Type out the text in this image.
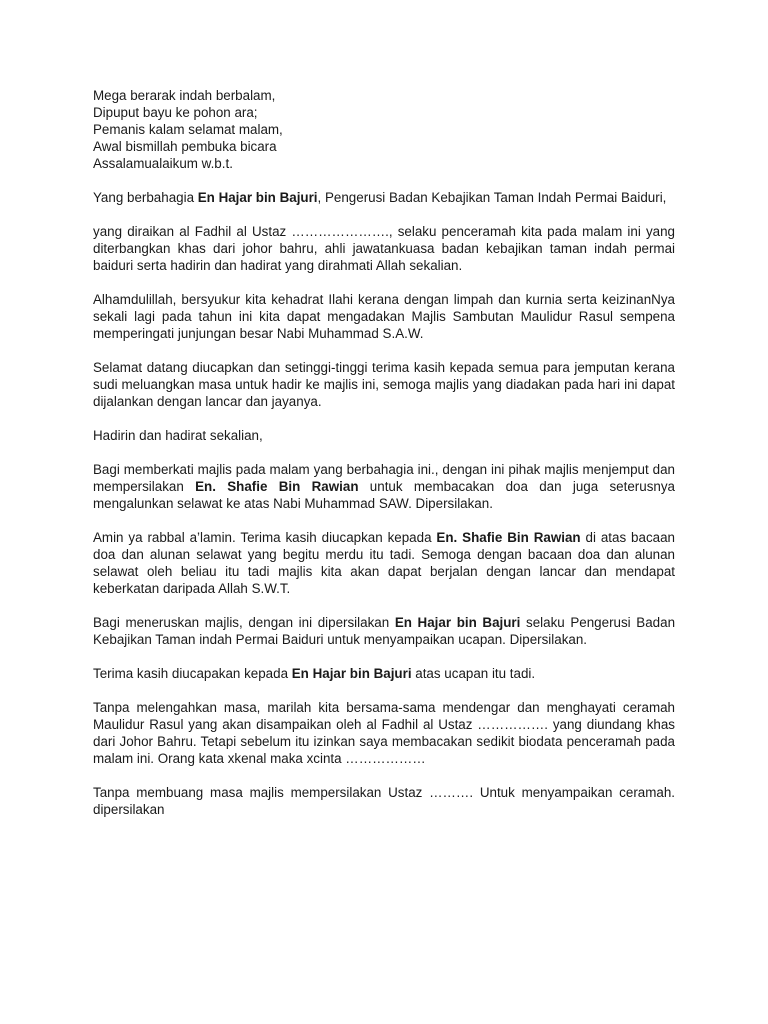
Mega berarak indah berbalam,
Dipuput bayu ke pohon ara;
Pemanis kalam selamat malam,
Awal bismillah pembuka bicara
Assalamualaikum w.b.t.

Yang berbahagia En Hajar bin Bajuri, Pengerusi Badan Kebajikan Taman Indah Permai Baiduri,

yang diraikan al Fadhil al Ustaz …………………., selaku penceramah kita pada malam ini yang diterbangkan khas dari johor bahru, ahli jawatankuasa badan kebajikan taman indah permai baiduri serta hadirin dan hadirat yang dirahmati Allah sekalian.

Alhamdulillah, bersyukur kita kehadrat Ilahi kerana dengan limpah dan kurnia serta keizinanNya sekali lagi pada tahun ini kita dapat mengadakan Majlis Sambutan Maulidur Rasul sempena memperingati junjungan besar Nabi Muhammad S.A.W.

Selamat datang diucapkan dan setinggi-tinggi terima kasih kepada semua para jemputan kerana sudi meluangkan masa untuk hadir ke majlis ini, semoga majlis yang diadakan pada hari ini dapat dijalankan dengan lancar dan jayanya.

Hadirin dan hadirat sekalian,

Bagi memberkati majlis pada malam yang berbahagia ini., dengan ini pihak majlis menjemput dan mempersilakan En. Shafie Bin Rawian untuk membacakan doa dan juga seterusnya mengalunkan selawat ke atas Nabi Muhammad SAW. Dipersilakan.

Amin ya rabbal a’lamin. Terima kasih diucapkan kepada En. Shafie Bin Rawian di atas bacaan doa dan alunan selawat yang begitu merdu itu tadi. Semoga dengan bacaan doa dan alunan selawat oleh beliau itu tadi majlis kita akan dapat berjalan dengan lancar dan mendapat keberkatan daripada Allah S.W.T.

Bagi meneruskan majlis, dengan ini dipersilakan En Hajar bin Bajuri selaku Pengerusi Badan Kebajikan Taman indah Permai Baiduri untuk menyampaikan ucapan. Dipersilakan.

Terima kasih diucapakan kepada En Hajar bin Bajuri atas ucapan itu tadi.

Tanpa melengahkan masa, marilah kita bersama-sama mendengar dan menghayati ceramah Maulidur Rasul yang akan disampaikan oleh al Fadhil al Ustaz ……………. yang diundang khas dari Johor Bahru. Tetapi sebelum itu izinkan saya membacakan sedikit biodata penceramah pada malam ini. Orang kata xkenal maka xcinta ………………

Tanpa membuang masa majlis mempersilakan Ustaz ………. Untuk menyampaikan ceramah. dipersilakan
